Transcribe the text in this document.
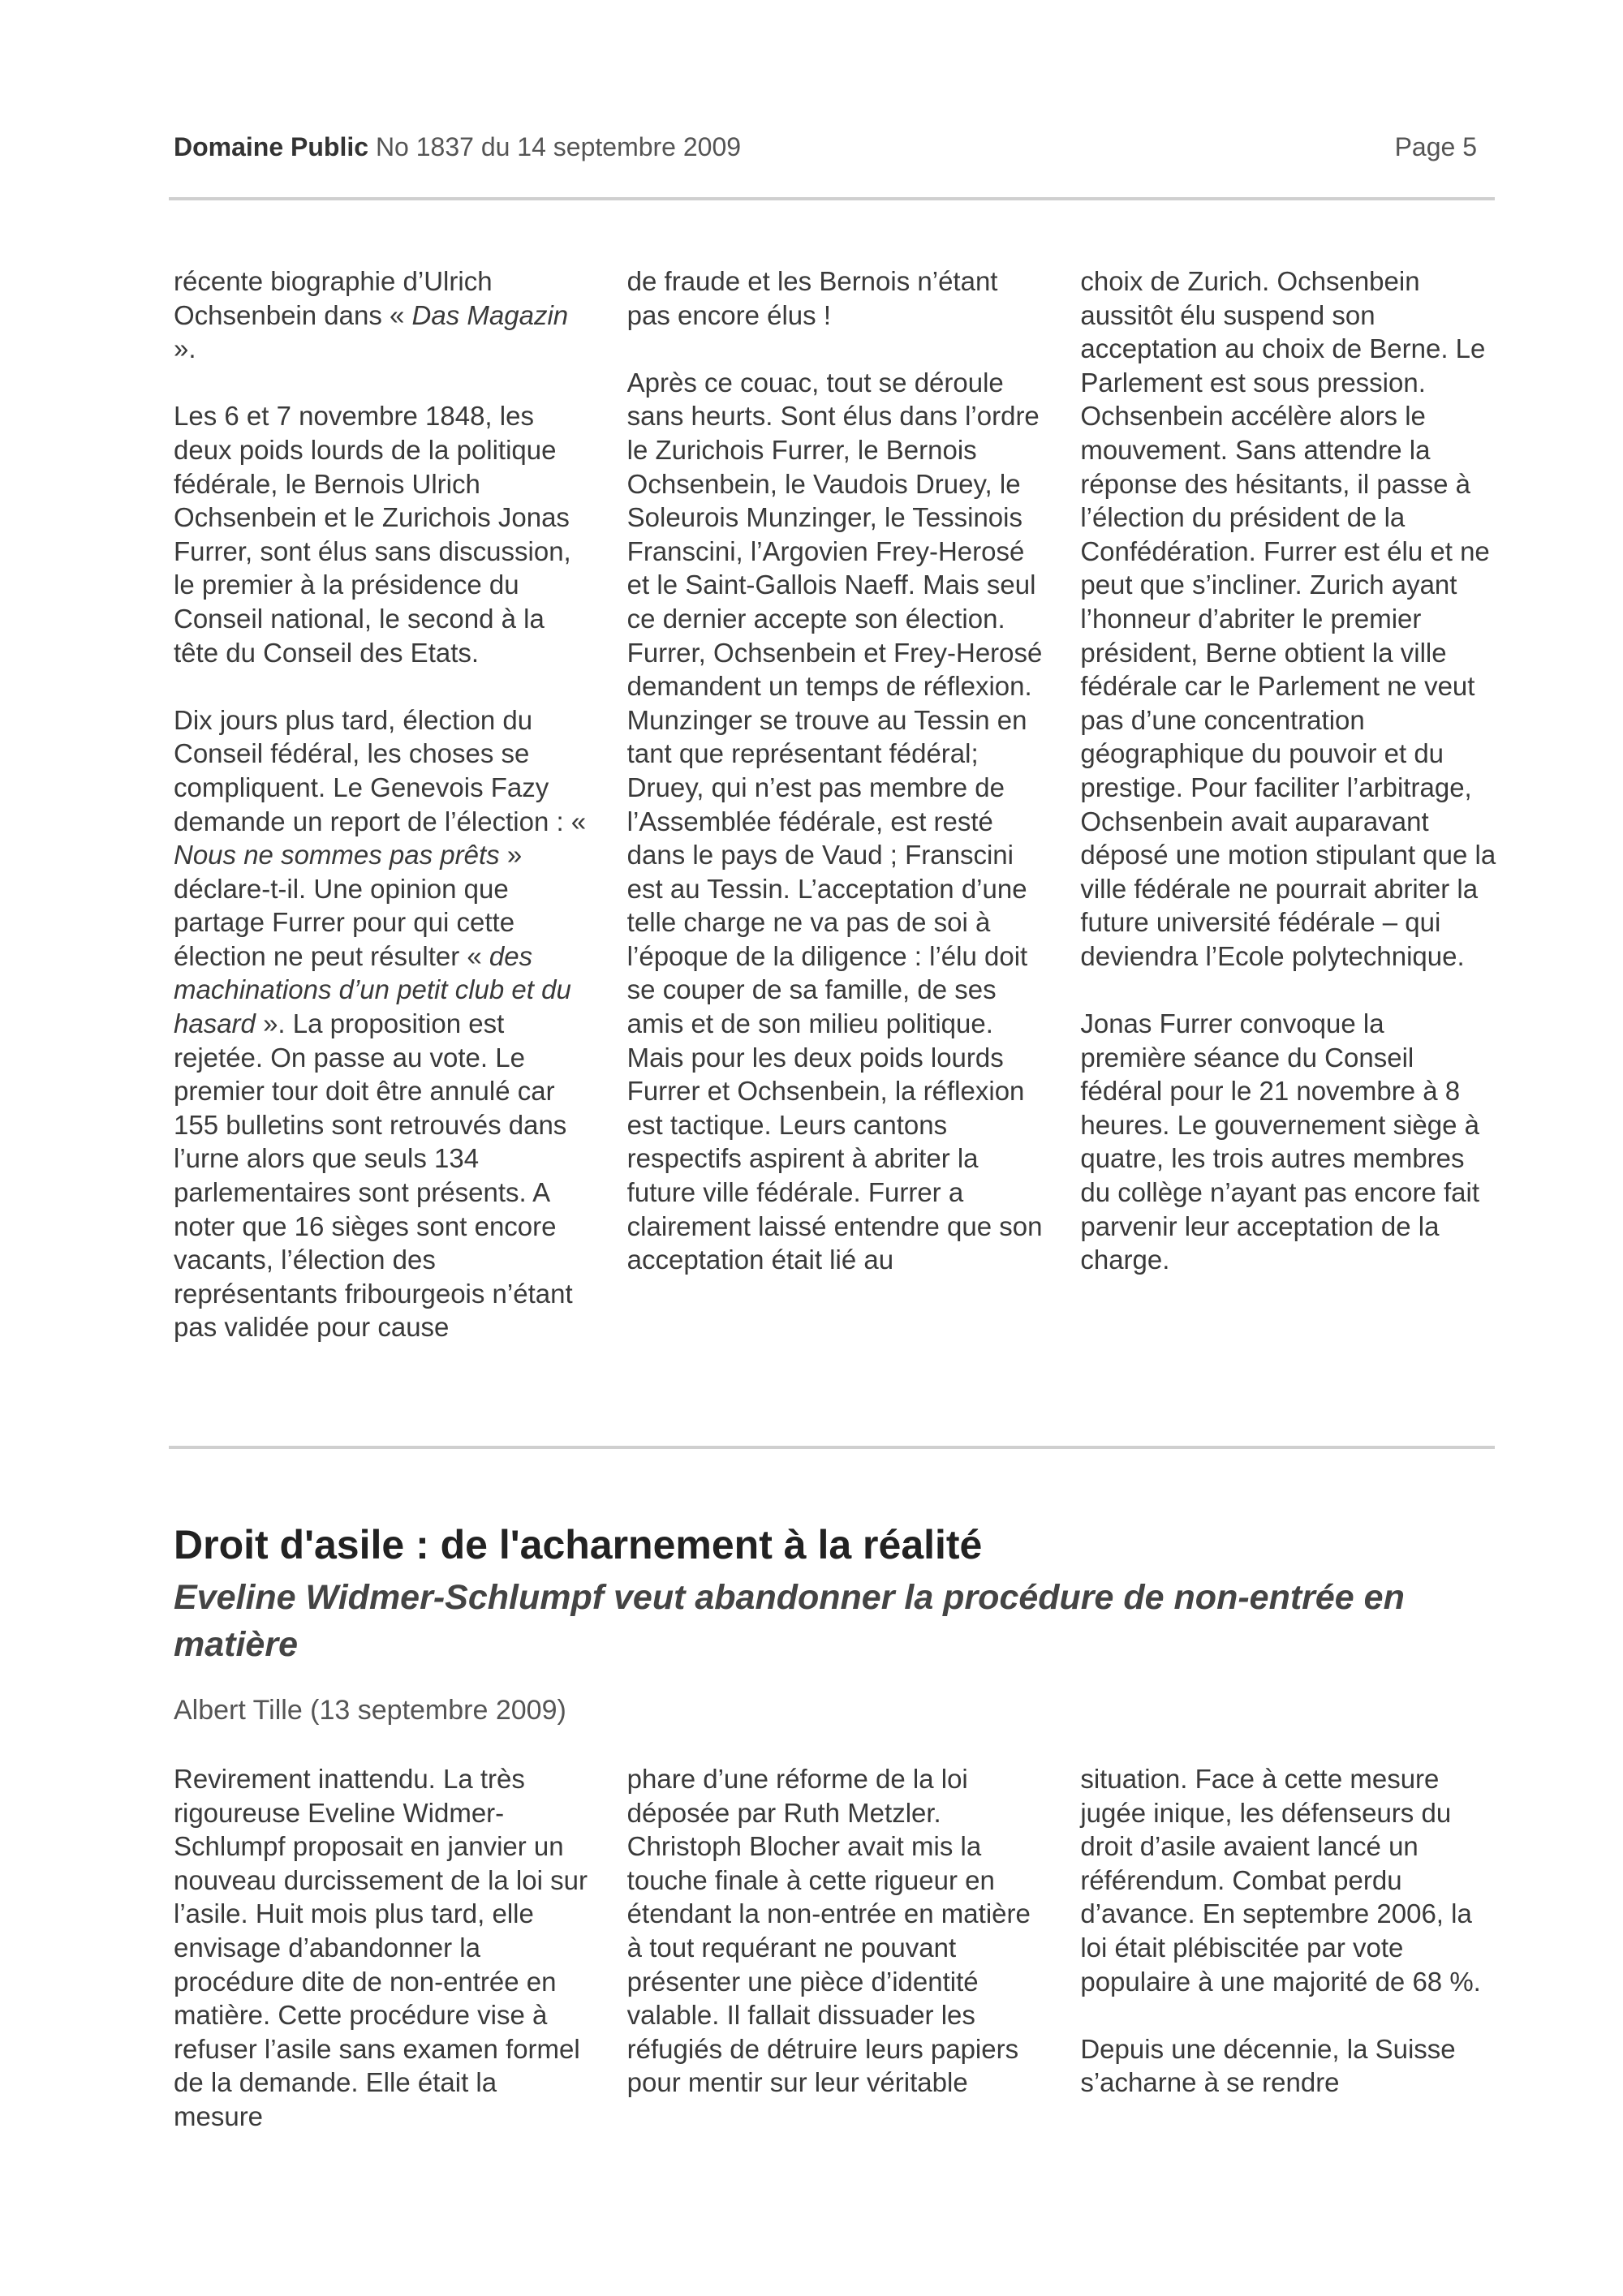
Domaine Public No 1837 du 14 septembre 2009	Page 5

récente biographie d’Ulrich Ochsenbein dans « Das Magazin ».

Les 6 et 7 novembre 1848, les deux poids lourds de la politique fédérale, le Bernois Ulrich Ochsenbein et le Zurichois Jonas Furrer, sont élus sans discussion, le premier à la présidence du Conseil national, le second à la tête du Conseil des Etats.

Dix jours plus tard, élection du Conseil fédéral, les choses se compliquent. Le Genevois Fazy demande un report de l’élection : « Nous ne sommes pas prêts » déclare-t-il. Une opinion que partage Furrer pour qui cette élection ne peut résulter « des machinations d’un petit club et du hasard ». La proposition est rejetée. On passe au vote. Le premier tour doit être annulé car 155 bulletins sont retrouvés dans l’urne alors que seuls 134 parlementaires sont présents. A noter que 16 sièges sont encore vacants, l’élection des représentants fribourgeois n’étant pas validée pour cause

de fraude et les Bernois n’étant pas encore élus !

Après ce couac, tout se déroule sans heurts. Sont élus dans l’ordre le Zurichois Furrer, le Bernois Ochsenbein, le Vaudois Druey, le Soleurois Munzinger, le Tessinois Franscini, l’Argovien Frey-Herosé et le Saint-Gallois Naeff. Mais seul ce dernier accepte son élection. Furrer, Ochsenbein et Frey-Herosé demandent un temps de réflexion. Munzinger se trouve au Tessin en tant que représentant fédéral; Druey, qui n’est pas membre de l’Assemblée fédérale, est resté dans le pays de Vaud ; Franscini est au Tessin. L’acceptation d’une telle charge ne va pas de soi à l’époque de la diligence : l’élu doit se couper de sa famille, de ses amis et de son milieu politique. Mais pour les deux poids lourds Furrer et Ochsenbein, la réflexion est tactique. Leurs cantons respectifs aspirent à abriter la future ville fédérale. Furrer a clairement laissé entendre que son acceptation était lié au

choix de Zurich. Ochsenbein aussitôt élu suspend son acceptation au choix de Berne. Le Parlement est sous pression. Ochsenbein accélère alors le mouvement. Sans attendre la réponse des hésitants, il passe à l’élection du président de la Confédération. Furrer est élu et ne peut que s’incliner. Zurich ayant l’honneur d’abriter le premier président, Berne obtient la ville fédérale car le Parlement ne veut pas d’une concentration géographique du pouvoir et du prestige. Pour faciliter l’arbitrage, Ochsenbein avait auparavant déposé une motion stipulant que la ville fédérale ne pourrait abriter la future université fédérale – qui deviendra l’Ecole polytechnique.

Jonas Furrer convoque la première séance du Conseil fédéral pour le 21 novembre à 8 heures. Le gouvernement siège à quatre, les trois autres membres du collège n’ayant pas encore fait parvenir leur acceptation de la charge.

Droit d'asile : de l'acharnement à la réalité
Eveline Widmer-Schlumpf veut abandonner la procédure de non-entrée en matière
Albert Tille (13 septembre 2009)

Revirement inattendu. La très rigoureuse Eveline Widmer-Schlumpf proposait en janvier un nouveau durcissement de la loi sur l’asile. Huit mois plus tard, elle envisage d’abandonner la procédure dite de non-entrée en matière. Cette procédure vise à refuser l’asile sans examen formel de la demande. Elle était la mesure

phare d’une réforme de la loi déposée par Ruth Metzler. Christoph Blocher avait mis la touche finale à cette rigueur en étendant la non-entrée en matière à tout requérant ne pouvant présenter une pièce d’identité valable. Il fallait dissuader les réfugiés de détruire leurs papiers pour mentir sur leur véritable

situation. Face à cette mesure jugée inique, les défenseurs du droit d’asile avaient lancé un référendum. Combat perdu d’avance. En septembre 2006, la loi était plébiscitée par vote populaire à une majorité de 68 %.

Depuis une décennie, la Suisse s’acharne à se rendre
